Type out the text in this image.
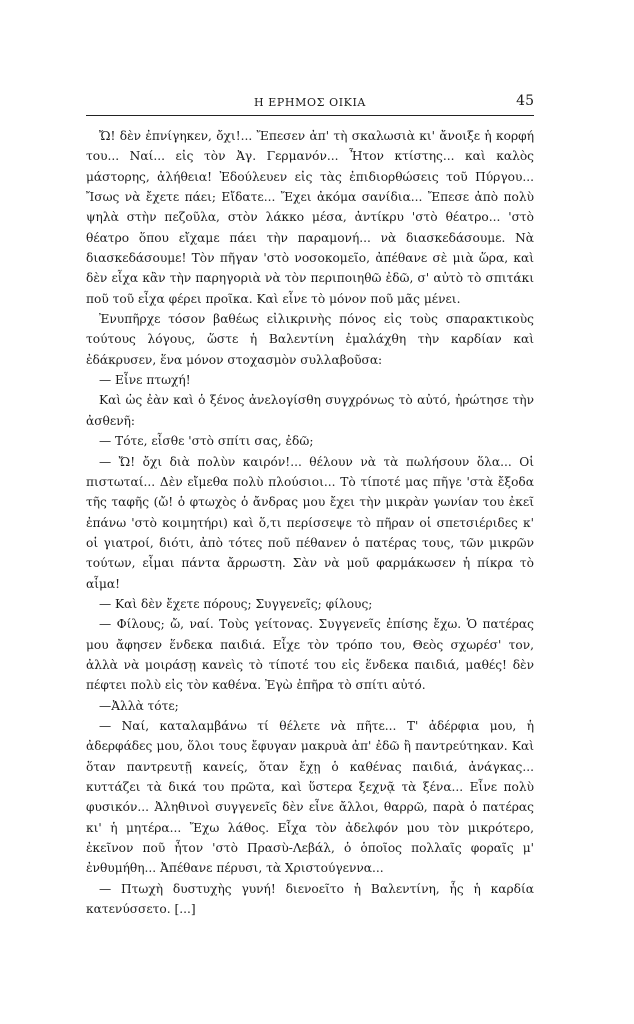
Η ΕΡΗΜΟΣ ΟΙΚΙΑ	45

Ὤ! δὲν ἐπνίγηκεν, ὄχι!... Ἔπεσεν ἀπ' τὴ σκαλωσιὰ κι' ἄνοιξε ἡ κορφή του... Ναί... εἰς τὸν Ἀγ. Γερμανόν... Ἦτον κτίστης... καὶ καλὸς μάστορης, ἀλήθεια! Ἐδούλευεν εἰς τὰς ἐπιδιορθώσεις τοῦ Πύργου... Ἴσως νὰ ἔχετε πάει; Εἴδατε... Ἔχει ἀκόμα σανίδια... Ἔπεσε ἀπὸ πολὺ ψηλὰ στὴν πεζοῦλα, στὸν λάκκο μέσα, ἀντίκρυ 'στὸ θέατρο... 'στὸ θέατρο ὅπου εἴχαμε πάει τὴν παραμονή... νὰ διασκεδάσουμε. Νὰ διασκεδάσουμε! Τὸν πῆγαν 'στὸ νοσοκομεῖο, ἀπέθανε σὲ μιὰ ὥρα, καὶ δὲν εἶχα κἂν τὴν παρηγοριὰ νὰ τὸν περιποιηθῶ ἐδῶ, σ' αὐτὸ τὸ σπιτάκι ποῦ τοῦ εἶχα φέρει προῖκα. Καὶ εἶνε τὸ μόνον ποῦ μᾶς μένει.

Ἐνυπῆρχε τόσον βαθέως εἰλικρινὴς πόνος εἰς τοὺς σπαρακτικοὺς τούτους λόγους, ὥστε ἡ Βαλεντίνη ἐμαλάχθη τὴν καρδίαν καὶ ἐδάκρυσεν, ἕνα μόνον στοχασμὸν συλλαβοῦσα:

— Εἶνε πτωχή!

Καὶ ὡς ἐὰν καὶ ὁ ξένος ἀνελογίσθη συγχρόνως τὸ αὐτό, ἠρώτησε τὴν ἀσθενῆ:

— Τότε, εἶσθε 'στὸ σπίτι σας, ἐδῶ;

— Ὤ! ὄχι διὰ πολὺν καιρόν!... θέλουν νὰ τὰ πωλήσουν ὅλα... Οἱ πιστωταί... Δὲν εἴμεθα πολὺ πλούσιοι... Τὸ τίποτέ μας πῆγε 'στὰ ἔξοδα τῆς ταφῆς (ὤ! ὁ φτωχὸς ὁ ἄνδρας μου ἔχει τὴν μικρὰν γωνίαν του ἐκεῖ ἐπάνω 'στὸ κοιμητήρι) καὶ ὅ,τι περίσσεψε τὸ πῆραν οἱ σπετσιέριδες κ' οἱ γιατροί, διότι, ἀπὸ τότες ποῦ πέθανεν ὁ πατέρας τους, τῶν μικρῶν τούτων, εἶμαι πάντα ἄρρωστη. Σὰν νὰ μοῦ φαρμάκωσεν ἡ πίκρα τὸ αἷμα!

— Καὶ δὲν ἔχετε πόρους; Συγγενεῖς; φίλους;

— Φίλους; ὤ, ναί. Τοὺς γείτονας. Συγγενεῖς ἐπίσης ἔχω. Ὁ πατέρας μου ἄφησεν ἕνδεκα παιδιά. Εἶχε τὸν τρόπο του, Θεὸς σχωρέσ' τον, ἀλλὰ νὰ μοιράσῃ κανεὶς τὸ τίποτέ του εἰς ἕνδεκα παιδιά, μαθές! δὲν πέφτει πολὺ εἰς τὸν καθένα. Ἐγὼ ἐπῆρα τὸ σπίτι αὐτό.

—Ἀλλὰ τότε;

— Ναί, καταλαμβάνω τί θέλετε νὰ πῆτε... Τ' ἀδέρφια μου, ἡ ἀδερφάδες μου, ὅλοι τους ἔφυγαν μακρυὰ ἀπ' ἐδῶ ἢ παντρεύτηκαν. Καὶ ὅταν παντρευτῇ κανείς, ὅταν ἔχῃ ὁ καθένας παιδιά, ἀνάγκας... κυττάζει τὰ δικά του πρῶτα, καὶ ὕστερα ξεχνᾷ τὰ ξένα... Εἶνε πολὺ φυσικόν... Ἀληθινοὶ συγγενεῖς δὲν εἶνε ἄλλοι, θαρρῶ, παρὰ ὁ πατέρας κι' ἡ μητέρα... Ἔχω λάθος. Εἶχα τὸν ἀδελφόν μου τὸν μικρότερο, ἐκεῖνον ποῦ ἦτον 'στὸ Πρασὺ-Λεβάλ, ὁ ὁποῖος πολλαῖς φοραῖς μ' ἐνθυμήθη... Ἀπέθανε πέρυσι, τὰ Χριστούγεννα...

— Πτωχὴ δυστυχὴς γυνή! διενοεῖτο ἡ Βαλεντίνη, ἧς ἡ καρδία κατενύσσετο. [...]
